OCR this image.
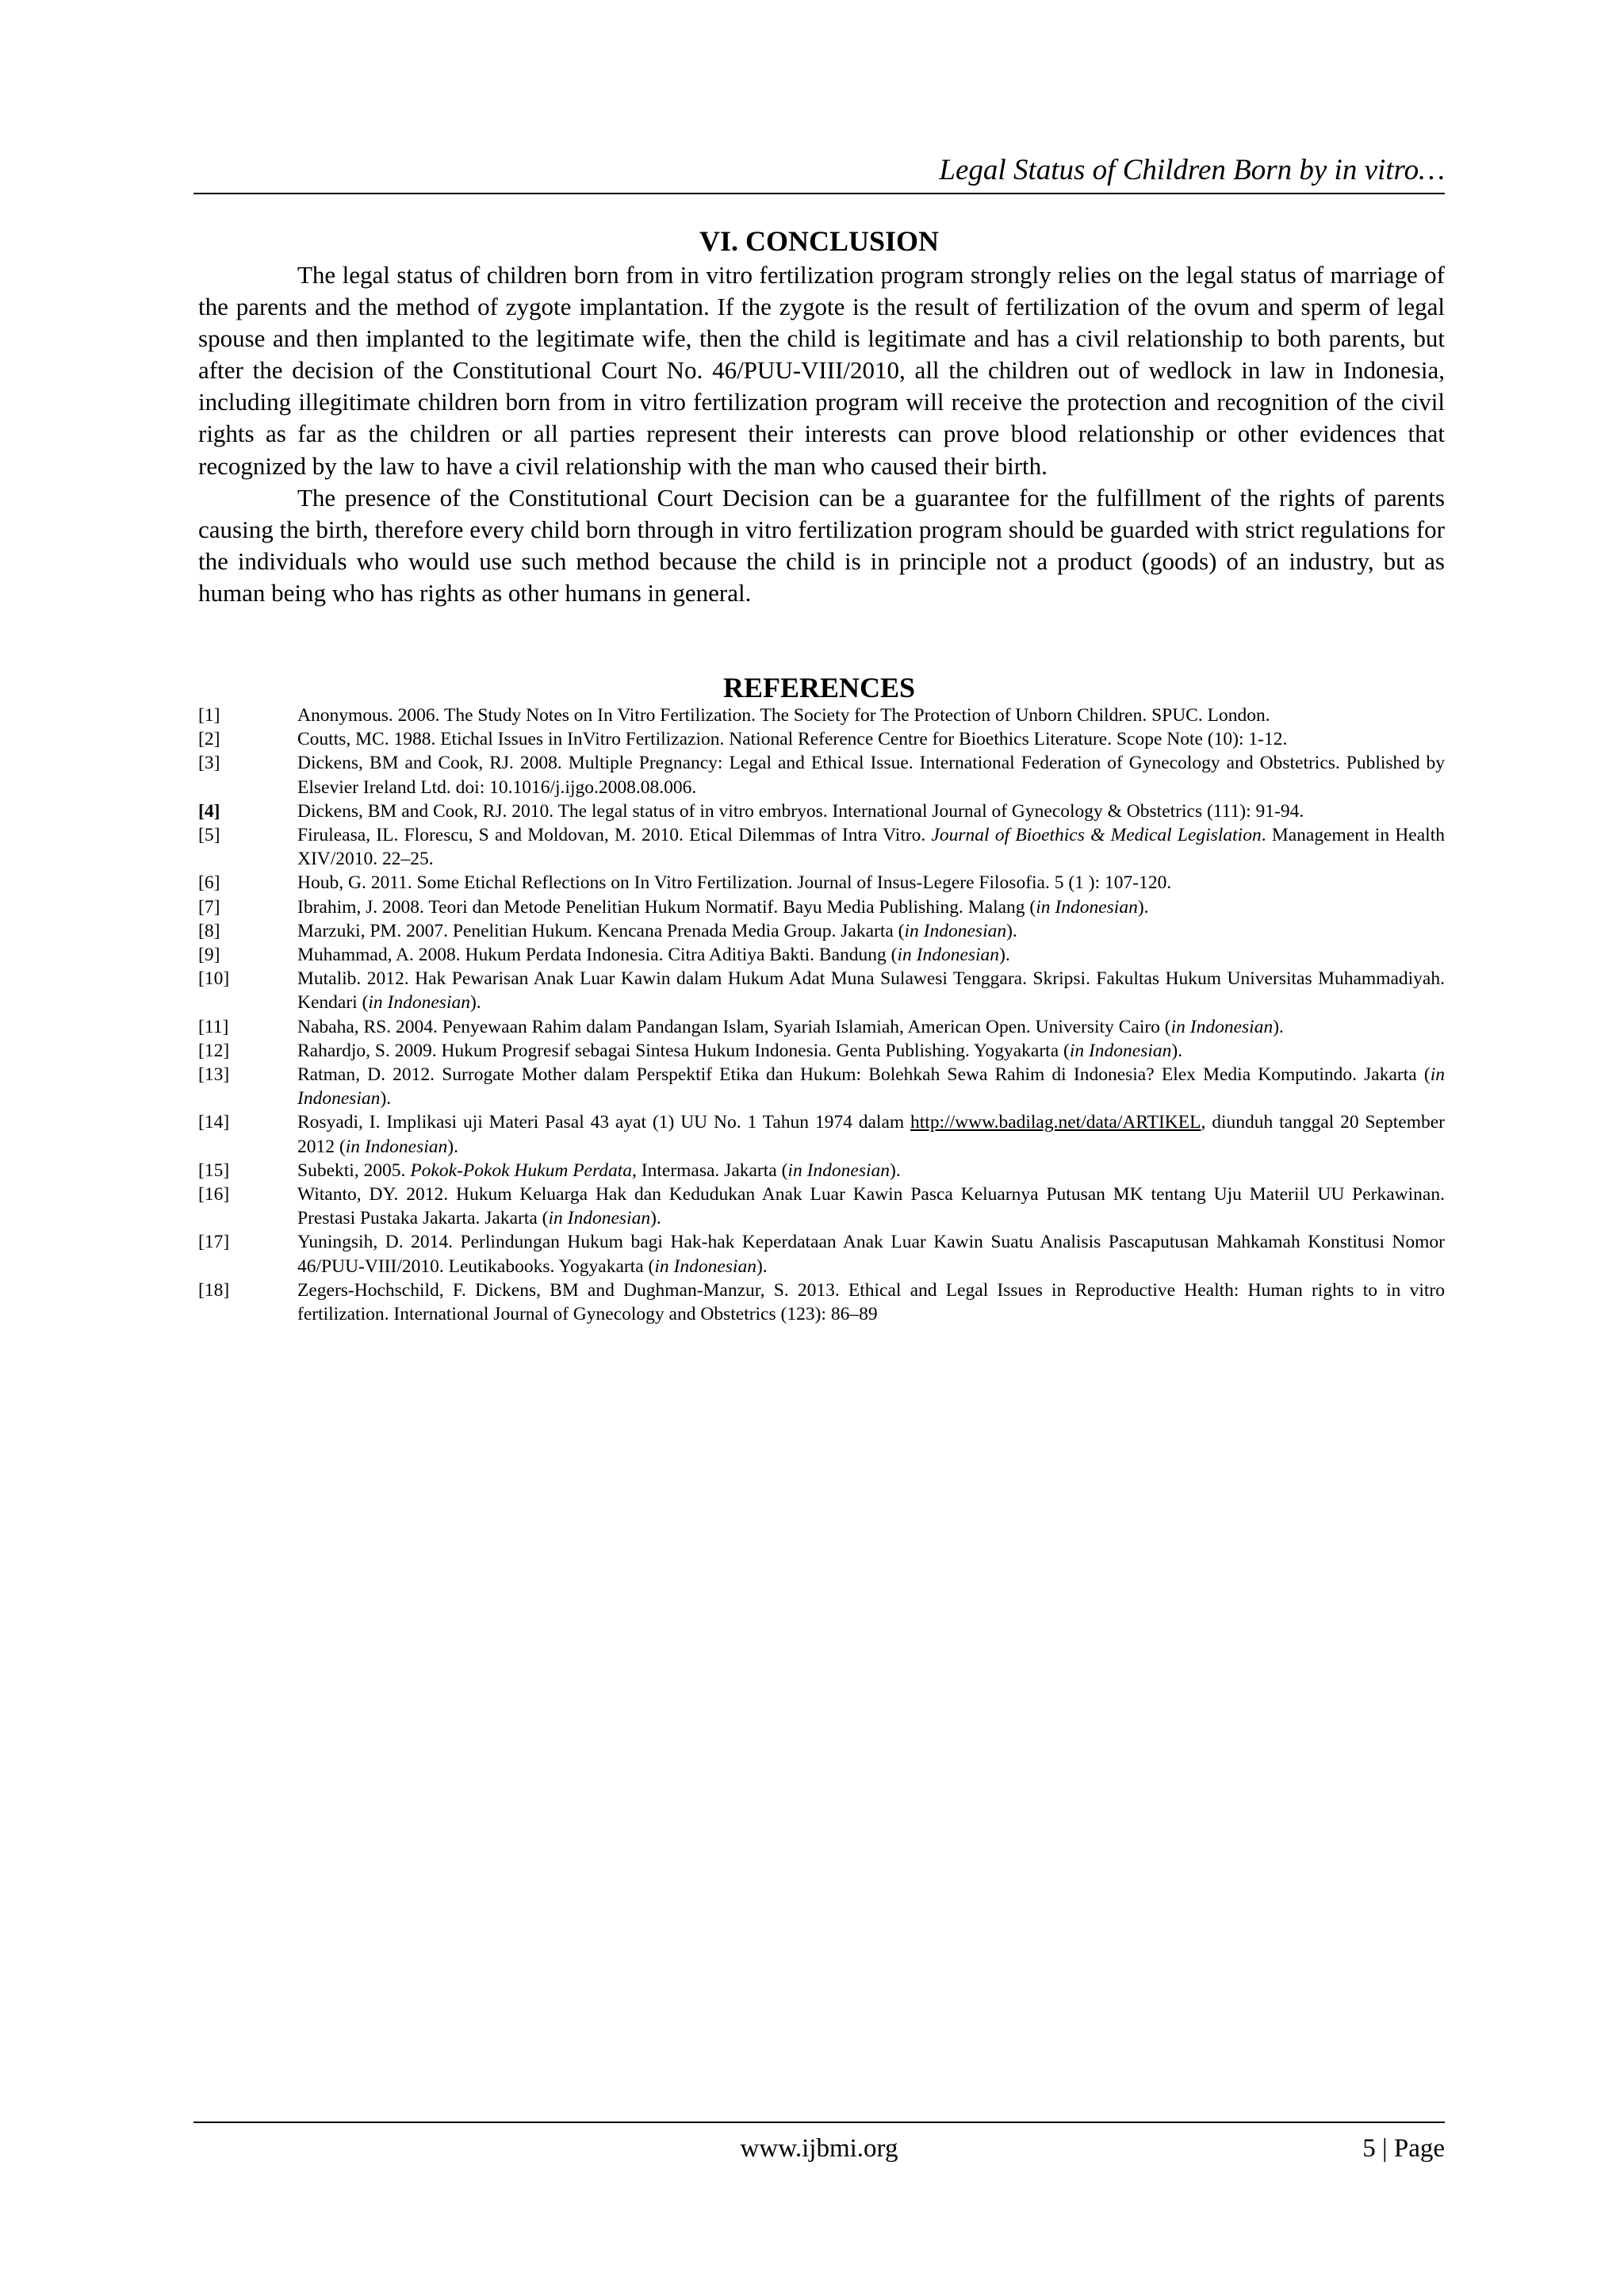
Legal Status of Children Born by in vitro…
VI. CONCLUSION

The legal status of children born from in vitro fertilization program strongly relies on the legal status of marriage of the parents and the method of zygote implantation. If the zygote is the result of fertilization of the ovum and sperm of legal spouse and then implanted to the legitimate wife, then the child is legitimate and has a civil relationship to both parents, but after the decision of the Constitutional Court No. 46/PUU-VIII/2010, all the children out of wedlock in law in Indonesia, including illegitimate children born from in vitro fertilization program will receive the protection and recognition of the civil rights as far as the children or all parties represent their interests can prove blood relationship or other evidences that recognized by the law to have a civil relationship with the man who caused their birth.

The presence of the Constitutional Court Decision can be a guarantee for the fulfillment of the rights of parents causing the birth, therefore every child born through in vitro fertilization program should be guarded with strict regulations for the individuals who would use such method because the child is in principle not a product (goods) of an industry, but as human being who has rights as other humans in general.

REFERENCES
[1]	Anonymous. 2006. The Study Notes on In Vitro Fertilization. The Society for The Protection of Unborn Children. SPUC. London.
[2]	Coutts, MC. 1988. Etichal Issues in InVitro Fertilizazion. National Reference Centre for Bioethics Literature. Scope Note (10): 1-12.
[3]	Dickens, BM and Cook, RJ. 2008. Multiple Pregnancy: Legal and Ethical Issue. International Federation of Gynecology and Obstetrics. Published by Elsevier Ireland Ltd. doi: 10.1016/j.ijgo.2008.08.006.
[4]	Dickens, BM and Cook, RJ. 2010. The legal status of in vitro embryos. International Journal of Gynecology & Obstetrics (111): 91-94.
[5]	Firuleasa, IL. Florescu, S and Moldovan, M. 2010. Etical Dilemmas of Intra Vitro. Journal of Bioethics & Medical Legislation. Management in Health XIV/2010. 22–25.
[6]	Houb, G. 2011. Some Etichal Reflections on In Vitro Fertilization. Journal of Insus-Legere Filosofia. 5 (1 ): 107-120.
[7]	Ibrahim, J. 2008. Teori dan Metode Penelitian Hukum Normatif. Bayu Media Publishing. Malang (in Indonesian).
[8]	Marzuki, PM. 2007. Penelitian Hukum. Kencana Prenada Media Group. Jakarta (in Indonesian).
[9]	Muhammad, A. 2008. Hukum Perdata Indonesia. Citra Aditiya Bakti. Bandung (in Indonesian).
[10]	Mutalib. 2012. Hak Pewarisan Anak Luar Kawin dalam Hukum Adat Muna Sulawesi Tenggara. Skripsi. Fakultas Hukum Universitas Muhammadiyah. Kendari (in Indonesian).
[11]	Nabaha, RS. 2004. Penyewaan Rahim dalam Pandangan Islam, Syariah Islamiah, American Open. University Cairo (in Indonesian).
[12]	Rahardjo, S. 2009. Hukum Progresif sebagai Sintesa Hukum Indonesia. Genta Publishing. Yogyakarta (in Indonesian).
[13]	Ratman, D. 2012. Surrogate Mother dalam Perspektif Etika dan Hukum: Bolehkah Sewa Rahim di Indonesia? Elex Media Komputindo. Jakarta (in Indonesian).
[14]	Rosyadi, I. Implikasi uji Materi Pasal 43 ayat (1) UU No. 1 Tahun 1974 dalam http://www.badilag.net/data/ARTIKEL, diunduh tanggal 20 September 2012 (in Indonesian).
[15]	Subekti, 2005. Pokok-Pokok Hukum Perdata, Intermasa. Jakarta (in Indonesian).
[16]	Witanto, DY. 2012. Hukum Keluarga Hak dan Kedudukan Anak Luar Kawin Pasca Keluarnya Putusan MK tentang Uju Materiil UU Perkawinan. Prestasi Pustaka Jakarta. Jakarta (in Indonesian).
[17]	Yuningsih, D. 2014. Perlindungan Hukum bagi Hak-hak Keperdataan Anak Luar Kawin Suatu Analisis Pascaputusan Mahkamah Konstitusi Nomor 46/PUU-VIII/2010. Leutikabooks. Yogyakarta (in Indonesian).
[18]	Zegers-Hochschild, F. Dickens, BM and Dughman-Manzur, S. 2013. Ethical and Legal Issues in Reproductive Health: Human rights to in vitro fertilization. International Journal of Gynecology and Obstetrics (123): 86–89
www.ijbmi.org	5 | Page
